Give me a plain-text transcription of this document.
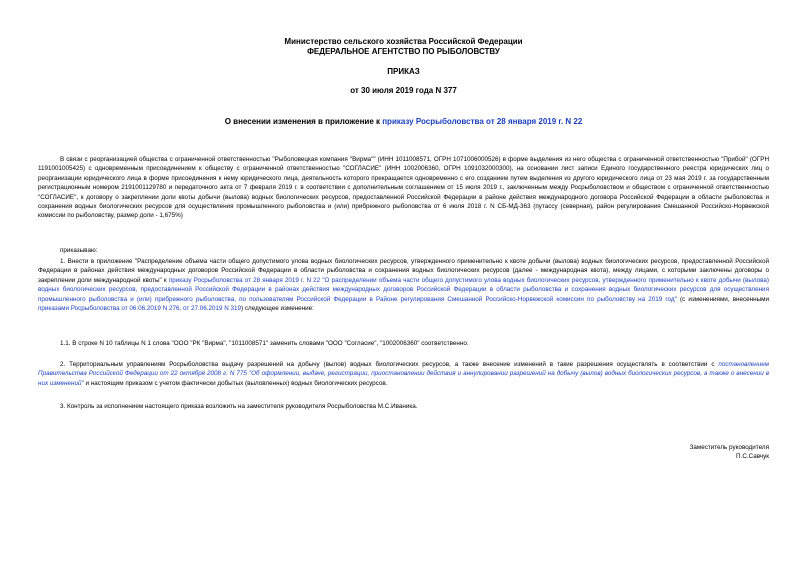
Министерство сельского хозяйства Российской Федерации
ФЕДЕРАЛЬНОЕ АГЕНТСТВО ПО РЫБОЛОВСТВУ
ПРИКАЗ
от 30 июля 2019 года N 377
О внесении изменения в приложение к приказу Росрыболовства от 28 января 2019 г. N 22

В связи с реорганизацией общества с ограниченной ответственностью "Рыболовецкая компания "Вирма"" (ИНН 1011008571, ОГРН 1071006000526) в форме выделения из него общества с ограниченной ответственностью "Прибой" (ОГРН 1191001005425) с одновременным присоединением к обществу с ограниченной ответственностью "СОГЛАСИЕ" (ИНН 1002006360, ОГРН 1091032000300), на основании лист записи Единого государственного реестра юридических лиц о реорганизации юридического лица в форме присоединения к нему юридического лица, деятельность которого прекращается одновременно с его созданием путем выделения из другого юридического лица от 23 мая 2019 г. за государственным регистрационным номером 2191001129780 и передаточного акта от 7 февраля 2019 г. в соответствии с дополнительным соглашением от 15 июля 2019 г., заключенным между Росрыболовством и обществом с ограниченной ответственностью "СОГЛАСИЕ", к договору о закреплении доли квоты добычи (вылова) водных биологических ресурсов, предоставленной Российской Федерации в районе действия международного договора Российской Федерации в области рыболовства и сохранения водных биологических ресурсов для осуществления промышленного рыболовства и (или) прибрежного рыболовства от 6 июля 2018 г. N СБ-МД-363 (путассу (северная), район регулирования Смешанной Российско-Норвежской комиссии по рыболовству, размер доли - 1,675%)

приказываю:

1. Внести в приложение "Распределение объема части общего допустимого улова водных биологических ресурсов, утвержденного применительно к квоте добычи (вылова) водных биологических ресурсов, предоставленной Российской Федерации в районах действия международных договоров Российской Федерации в области рыболовства и сохранения водных биологических ресурсов (далее - международная квота), между лицами, с которыми заключены договоры о закреплении доли международной квоты" к приказу Росрыболовства от 28 января 2019 г. N 22 "О распределении объема части общего допустимого улова водных биологических ресурсов, утвержденного применительно к квоте добычи (вылова) водных биологических ресурсов, предоставленной Российской Федерации в районах действия международных договоров Российской Федерации в области рыболовства и сохранения водных биологических ресурсов для осуществления промышленного рыболовства и (или) прибрежного рыболовства, по пользователям Российской Федерации в Районе регулирования Смешанной Российско-Норвежской комиссии по рыболовству на 2019 год" (с изменениями, внесенными приказами Росрыболовства от 06.06.2019 N 276, от 27.06.2019 N 319) следующее изменение:

1.1. В строке N 10 таблицы N 1 слова "ООО "РК "Вирма", "1011008571" заменить словами "ООО "Согласие", "1002006360" соответственно.

2. Территориальным управлениям Росрыболовства выдачу разрешений на добычу (вылов) водных биологических ресурсов, а также внесение изменений в такие разрешения осуществлять в соответствии с постановлением Правительства Российской Федерации от 22 октября 2008 г. N 775 "Об оформлении, выдаче, регистрации, приостановлении действия и аннулировании разрешений на добычу (вылов) водных биологических ресурсов, а также о внесении в них изменений" и настоящим приказом с учетом фактически добытых (выловленных) водных биологических ресурсов.

3. Контроль за исполнением настоящего приказа возложить на заместителя руководителя Росрыболовства М.С.Иваника.

Заместитель руководителя
П.С.Савчук
